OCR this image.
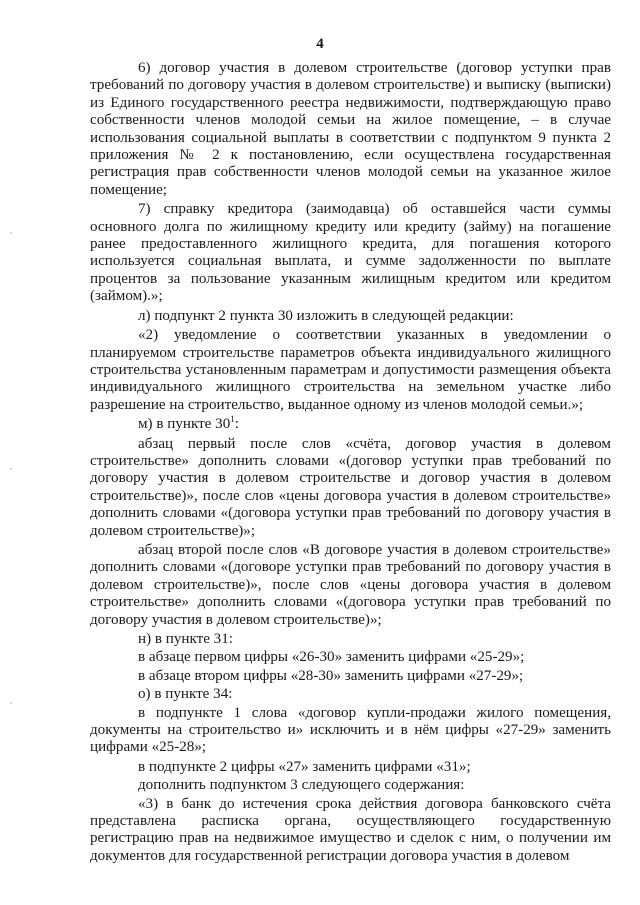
4

6) договор участия в долевом строительстве (договор уступки прав требований по договору участия в долевом строительстве) и выписку (выписки) из Единого государственного реестра недвижимости, подтверждающую право собственности членов молодой семьи на жилое помещение, – в случае использования социальной выплаты в соответствии с подпунктом 9 пункта 2 приложения № 2 к постановлению, если осуществлена государственная регистрация прав собственности членов молодой семьи на указанное жилое помещение;

7) справку кредитора (заимодавца) об оставшейся части суммы основного долга по жилищному кредиту или кредиту (займу) на погашение ранее предоставленного жилищного кредита, для погашения которого используется социальная выплата, и сумме задолженности по выплате процентов за пользование указанным жилищным кредитом или кредитом (займом).»;

л) подпункт 2 пункта 30 изложить в следующей редакции:

«2) уведомление о соответствии указанных в уведомлении о планируемом строительстве параметров объекта индивидуального жилищного строительства установленным параметрам и допустимости размещения объекта индивидуального жилищного строительства на земельном участке либо разрешение на строительство, выданное одному из членов молодой семьи.»;

м) в пункте $30^1$:

абзац первый после слов «счёта, договор участия в долевом строительстве» дополнить словами «(договор уступки прав требований по договору участия в долевом строительстве и договор участия в долевом строительстве)», после слов «цены договора участия в долевом строительстве» дополнить словами «(договора уступки прав требований по договору участия в долевом строительстве)»;

абзац второй после слов «В договоре участия в долевом строительстве» дополнить словами «(договоре уступки прав требований по договору участия в долевом строительстве)», после слов «цены договора участия в долевом строительстве» дополнить словами «(договора уступки прав требований по договору участия в долевом строительстве)»;

н) в пункте 31:

в абзаце первом цифры «26-30» заменить цифрами «25-29»;

в абзаце втором цифры «28-30» заменить цифрами «27-29»;

о) в пункте 34:

в подпункте 1 слова «договор купли-продажи жилого помещения, документы на строительство и» исключить и в нём цифры «27-29» заменить цифрами «25-28»;

в подпункте 2 цифры «27» заменить цифрами «31»;

дополнить подпунктом 3 следующего содержания:

«3) в банк до истечения срока действия договора банковского счёта представлена расписка органа, осуществляющего государственную регистрацию прав на недвижимое имущество и сделок с ним, о получении им документов для государственной регистрации договора участия в долевом
